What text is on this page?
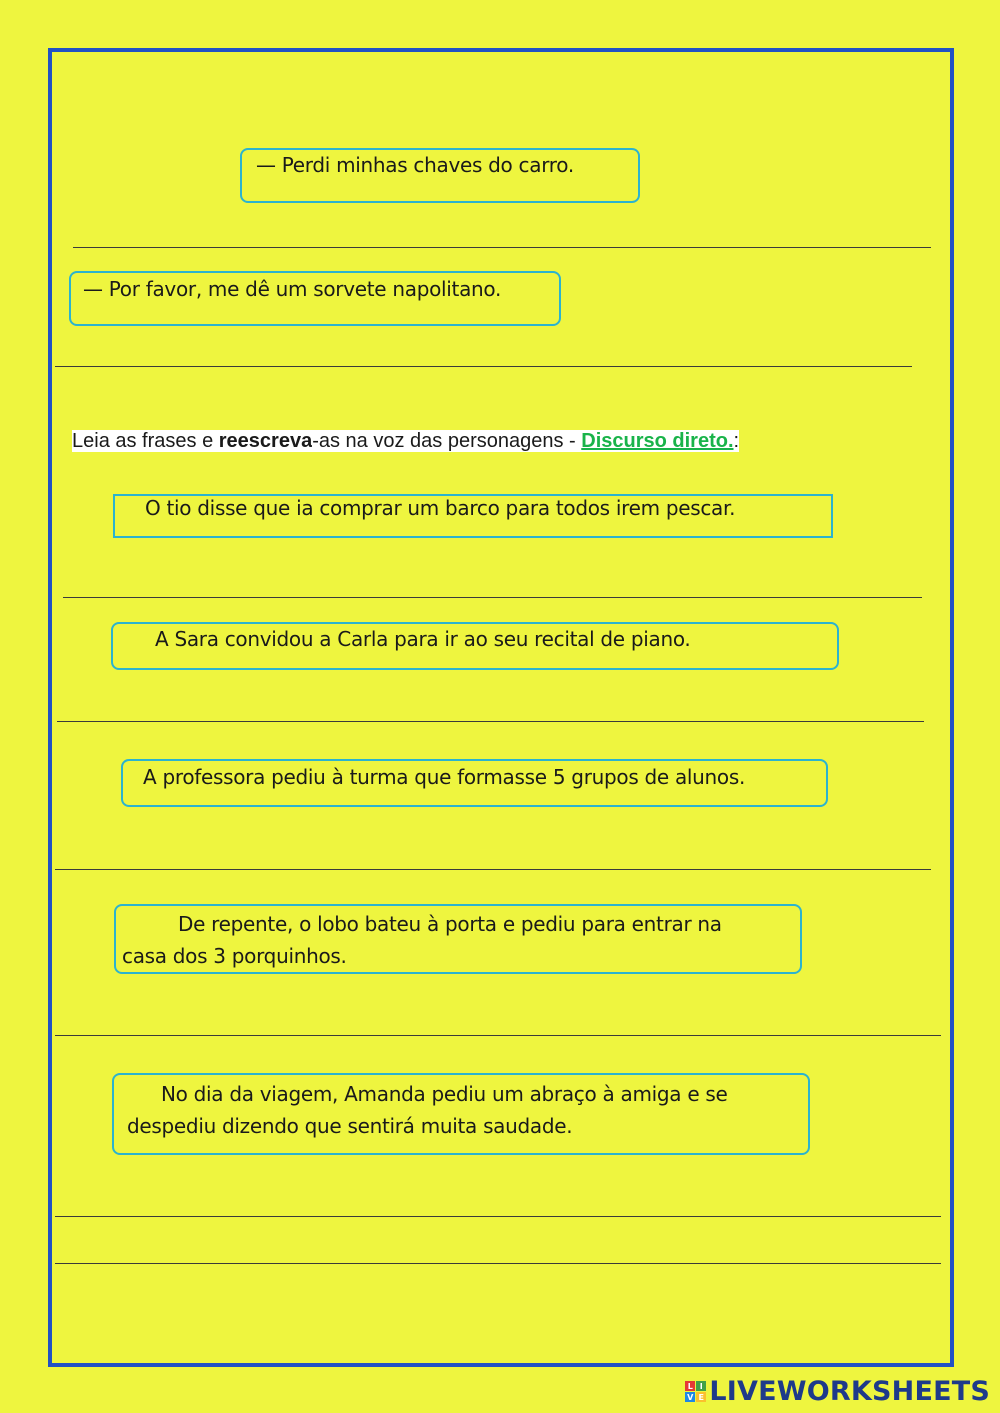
— Perdi minhas chaves do carro.
— Por favor, me dê um sorvete napolitano.
Leia as frases e reescreva-as na voz das personagens - Discurso direto.:
O tio disse que ia comprar um barco para todos irem pescar.
A Sara convidou a Carla para ir ao seu recital de piano.
A professora pediu à turma que formasse 5 grupos de alunos.
De repente, o lobo bateu à porta e pediu para entrar na
casa dos 3 porquinhos.
No dia da viagem, Amanda pediu um abraço à amiga e se
despediu dizendo que sentirá muita saudade.
L I
V E LIVEWORKSHEETS
